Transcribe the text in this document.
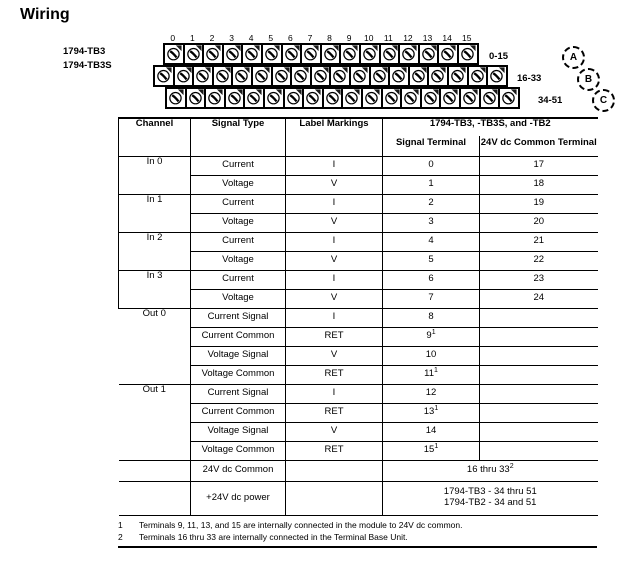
Wiring
1794-TB3
1794-TB3S
0	1	2	3	4	5	6	7	8	9	10	11	12	13	14	15
0-15
16-33
34-51
A
B
C
Channel	Signal Type	Label Markings	1794-TB3, -TB3S, and -TB2	
			Signal Terminal	24V dc Common Terminal
In 0	Current	I	0	17
	Voltage	V	1	18
In 1	Current	I	2	19
	Voltage	V	3	20
In 2	Current	I	4	21
	Voltage	V	5	22
In 3	Current	I	6	23
	Voltage	V	7	24
Out 0	Current Signal	I	8	
	Current Common	RET	$9^1$	
	Voltage Signal	V	10	
	Voltage Common	RET	$11^1$	
Out 1	Current Signal	I	12	
	Current Common	RET	$13^1$	
	Voltage Signal	V	14	
	Voltage Common	RET	$15^1$	
	24V dc Common		16 thru $33^2$
	+24V dc power		1794-TB3 - 34 thru 51
1794-TB2 - 34 and 51	
1	Terminals 9, 11, 13, and 15 are internally connected in the module to 24V dc common.
2	Terminals 16 thru 33 are internally connected in the Terminal Base Unit.
